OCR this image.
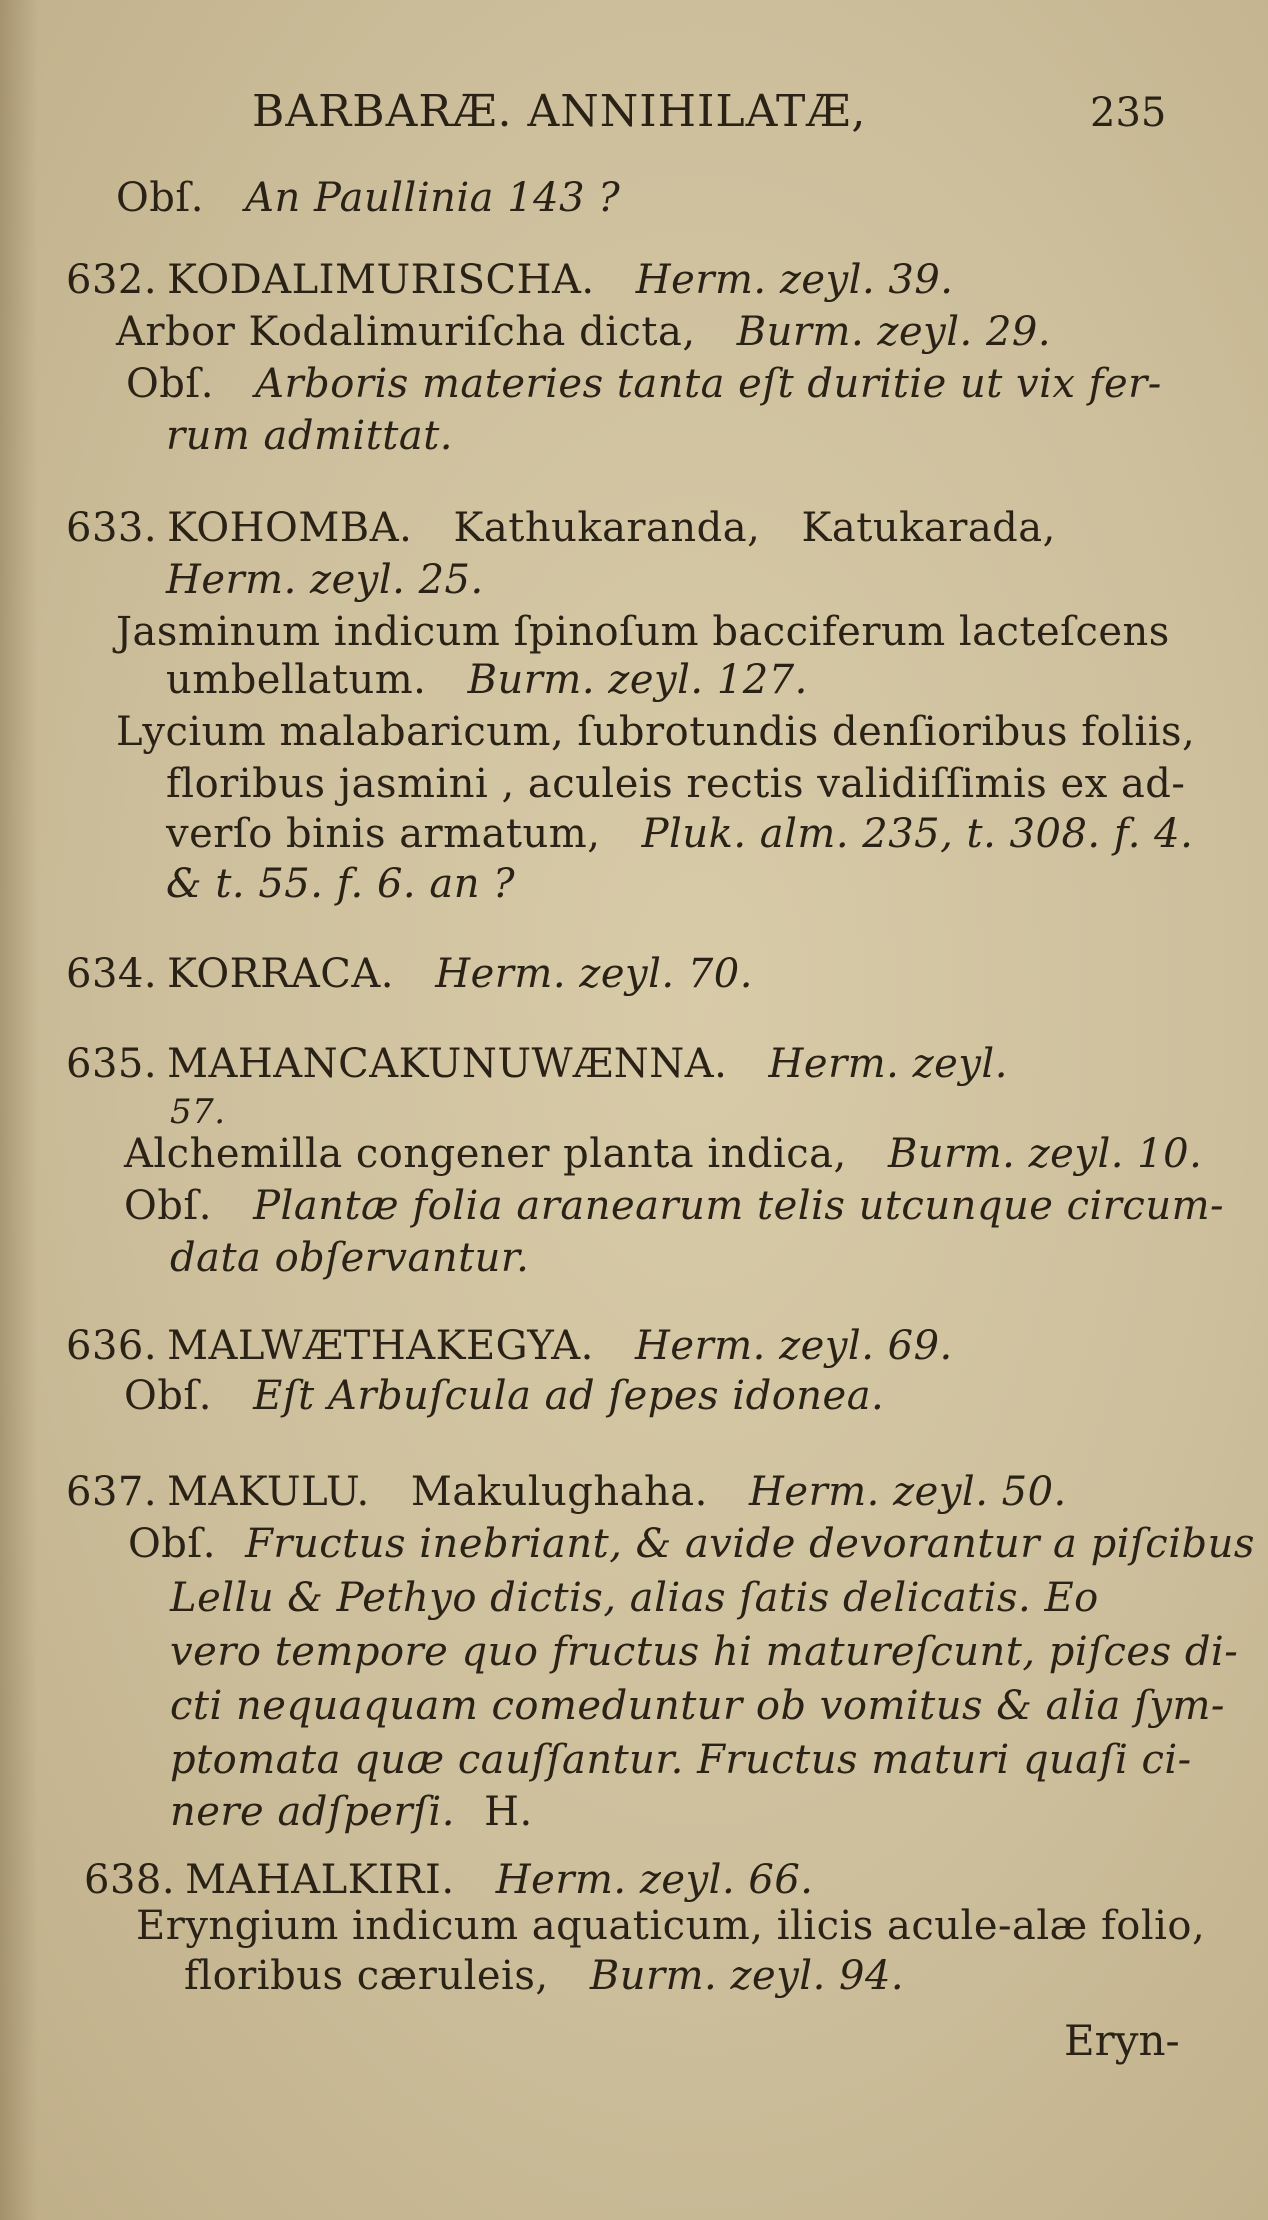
BARBARÆ. ANNIHILATÆ,	235
Obſ. An Paullinia 143 ?
632. KODALIMURISCHA. Herm. zeyl. 39.
Arbor Kodalimuriſcha dicta, Burm. zeyl. 29.
Obſ. Arboris materies tanta eſt duritie ut vix fer-
rum admittat.
633. KOHOMBA. Kathukaranda, Katukarada,
Herm. zeyl. 25.
Jasminum indicum ſpinoſum bacciferum lacteſcens
umbellatum. Burm. zeyl. 127.
Lycium malabaricum, ſubrotundis denſioribus foliis,
floribus jasmini , aculeis rectis validiſſimis ex ad-
verſo binis armatum, Pluk. alm. 235, t. 308. f. 4.
& t. 55. f. 6. an ?
634. KORRACA. Herm. zeyl. 70.
635. MAHANCAKUNUWÆNNA. Herm. zeyl.
57.
Alchemilla congener planta indica, Burm. zeyl. 10.
Obſ. Plantæ folia aranearum telis utcunque circum-
data obſervantur.
636. MALWÆTHAKEGYA. Herm. zeyl. 69.
Obſ. Eſt Arbuſcula ad ſepes idonea.
637. MAKULU. Makulughaha. Herm. zeyl. 50.
Obſ. Fructus inebriant, & avide devorantur a piſcibus
Lellu & Pethyo dictis, alias ſatis delicatis. Eo
vero tempore quo fructus hi matureſcunt, piſces di-
cti nequaquam comeduntur ob vomitus & alia ſym-
ptomata quæ cauſſantur. Fructus maturi quaſi ci-
nere adſperſi. H.
638. MAHALKIRI. Herm. zeyl. 66.
Eryngium indicum aquaticum, ilicis acule-alæ folio,
floribus cæruleis, Burm. zeyl. 94.
Eryn-
